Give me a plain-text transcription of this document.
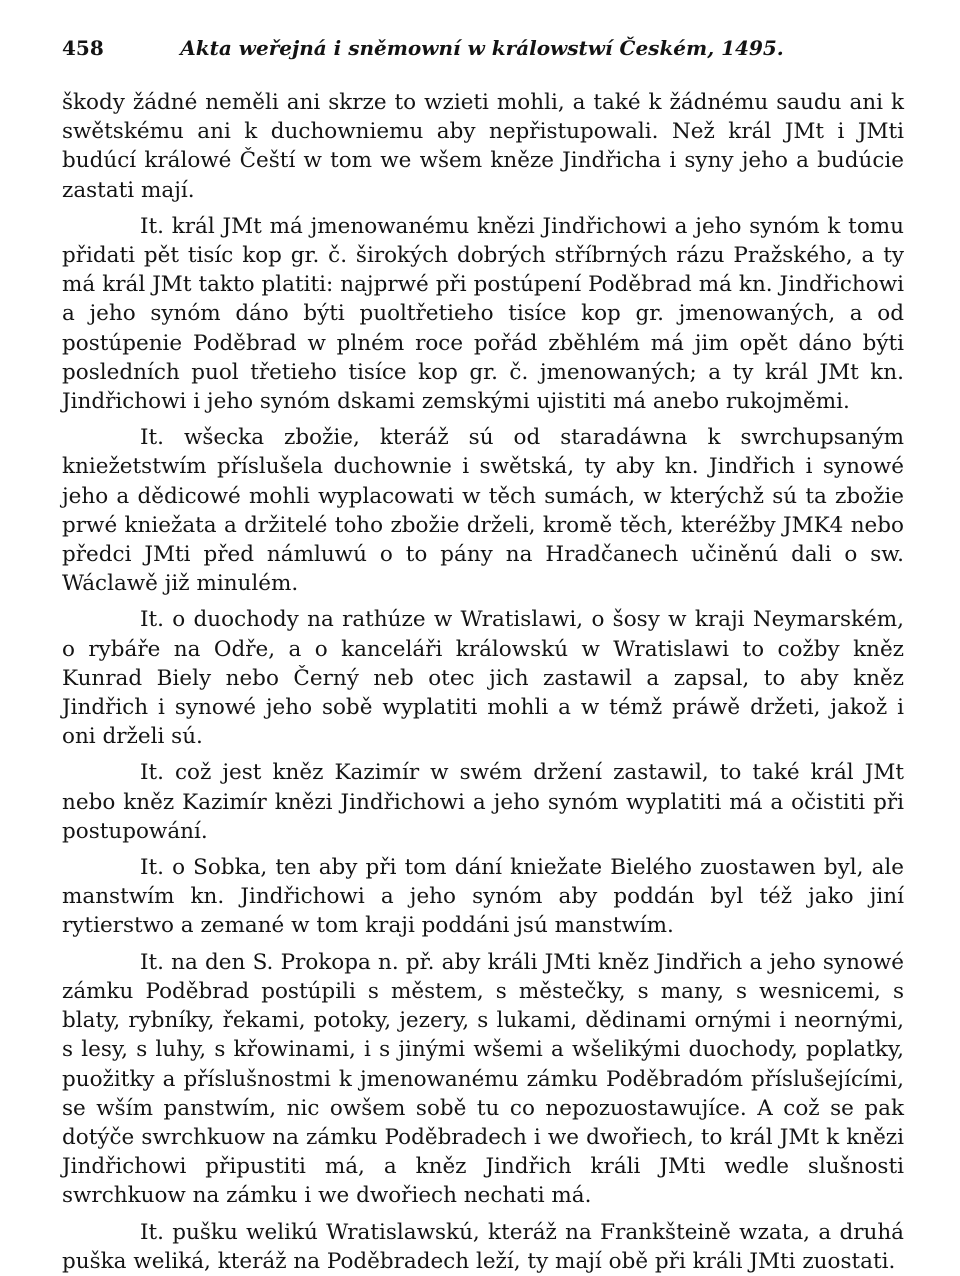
458	Akta weřejná i sněmowní w králowstwí Českém, 1495.

škody žádné neměli ani skrze to wzieti mohli, a také k žádnému saudu ani k swětskému ani k duchowniemu aby nepřistupowali. Než král JMt i JMti budúcí králowé Čeští w tom we wšem kněze Jindřicha i syny jeho a budúcie zastati mají.

It. král JMt má jmenowanému knězi Jindřichowi a jeho synóm k tomu přidati pět tisíc kop gr. č. širokých dobrých stříbrných rázu Pražského, a ty má král JMt takto platiti: najprwé při postúpení Poděbrad má kn. Jindřichowi a jeho synóm dáno býti puoltřetieho tisíce kop gr. jmenowaných, a od postúpenie Poděbrad w plném roce pořád zběhlém má jim opět dáno býti posledních puol třetieho tisíce kop gr. č. jmenowaných; a ty král JMt kn. Jindřichowi i jeho synóm dskami zemskými ujistiti má anebo rukojměmi.

It. wšecka zbožie, kteráž sú od staradáwna k swrchupsaným kniežetstwím příslušela duchownie i swětská, ty aby kn. Jindřich i synowé jeho a dědicowé mohli wyplacowati w těch sumách, w kterýchž sú ta zbožie prwé kniežata a držitelé toho zbožie drželi, kromě těch, kteréžby JMK4 nebo předci JMti před námluwú o to pány na Hradčanech učiněnú dali o sw. Wáclawě již minulém.

It. o duochody na rathúze w Wratislawi, o šosy w kraji Neymarském, o rybáře na Odře, a o kanceláři králowskú w Wratislawi to cožby kněz Kunrad Biely nebo Černý neb otec jich zastawil a zapsal, to aby kněz Jindřich i synowé jeho sobě wyplatiti mohli a w témž práwě držeti, jakož i oni drželi sú.

It. což jest kněz Kazimír w swém držení zastawil, to také král JMt nebo kněz Kazimír knězi Jindřichowi a jeho synóm wyplatiti má a očistiti při postupowání.

It. o Sobka, ten aby při tom dání kniežate Bielého zuostawen byl, ale manstwím kn. Jindřichowi a jeho synóm aby poddán byl též jako jiní rytierstwo a zemané w tom kraji poddáni jsú manstwím.

It. na den S. Prokopa n. př. aby králi JMti kněz Jindřich a jeho synowé zámku Poděbrad postúpili s městem, s městečky, s many, s wesnicemi, s blaty, rybníky, řekami, potoky, jezery, s lukami, dědinami ornými i neornými, s lesy, s luhy, s křowinami, i s jinými wšemi a wšelikými duochody, poplatky, puožitky a příslušnostmi k jmenowanému zámku Poděbradóm příslušejícími, se wším panstwím, nic owšem sobě tu co nepozuostawujíce. A což se pak dotýče swrchkuow na zámku Poděbradech i we dwořiech, to král JMt k knězi Jindřichowi připustiti má, a kněz Jindřich králi JMti wedle slušnosti swrchkuow na zámku i we dwořiech nechati má.

It. pušku welikú Wratislawskú, kteráž na Frankšteině wzata, a druhá puška weliká, kteráž na Poděbradech leží, ty mají obě při králi JMti zuostati.
